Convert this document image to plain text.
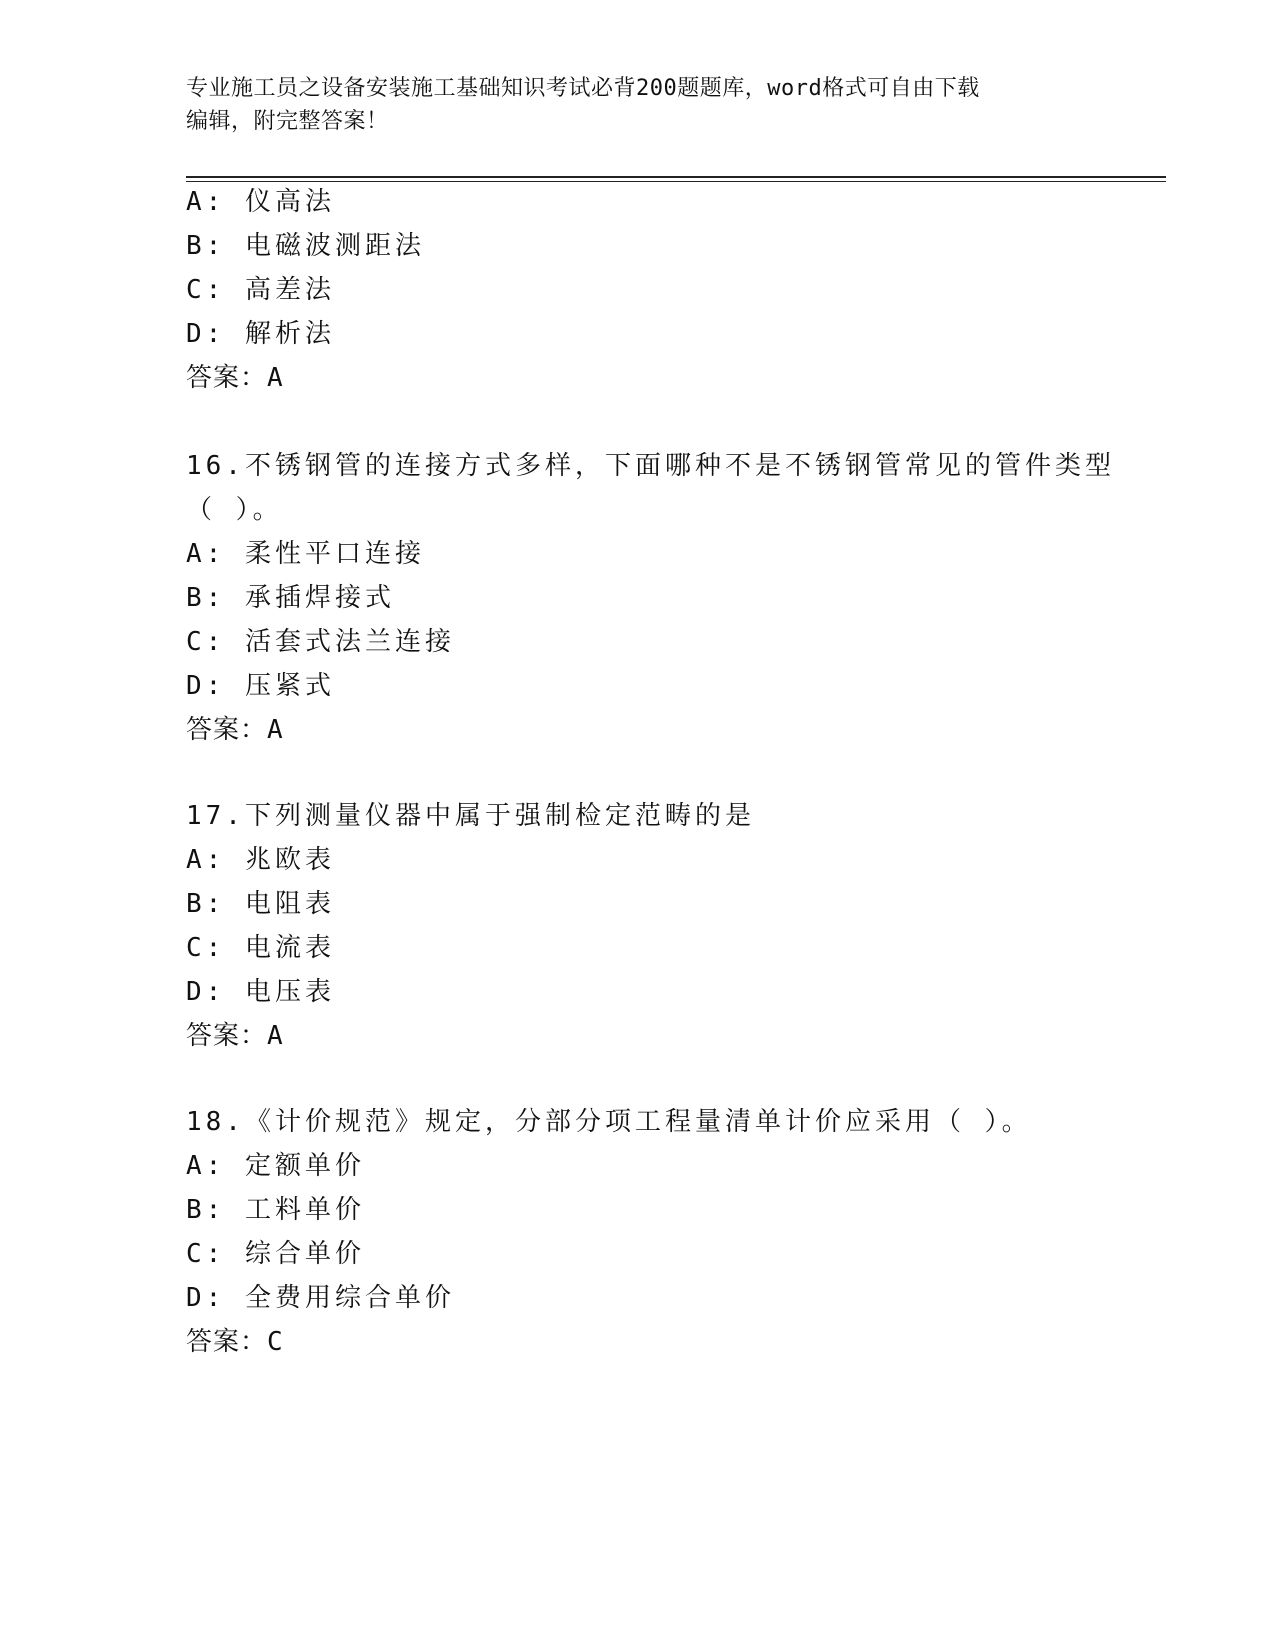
专业施工员之设备安装施工基础知识考试必背200题题库，word格式可自由下载
编辑，附完整答案！
A: 仪高法
B: 电磁波测距法
C: 高差法
D: 解析法
答案：A
16.不锈钢管的连接方式多样，下面哪种不是不锈钢管常见的管件类型
（ ）。
A: 柔性平口连接
B: 承插焊接式
C: 活套式法兰连接
D: 压紧式
答案：A
17.下列测量仪器中属于强制检定范畴的是
A: 兆欧表
B: 电阻表
C: 电流表
D: 电压表
答案：A
18.《计价规范》规定，分部分项工程量清单计价应采用（ ）。
A: 定额单价
B: 工料单价
C: 综合单价
D: 全费用综合单价
答案：C
